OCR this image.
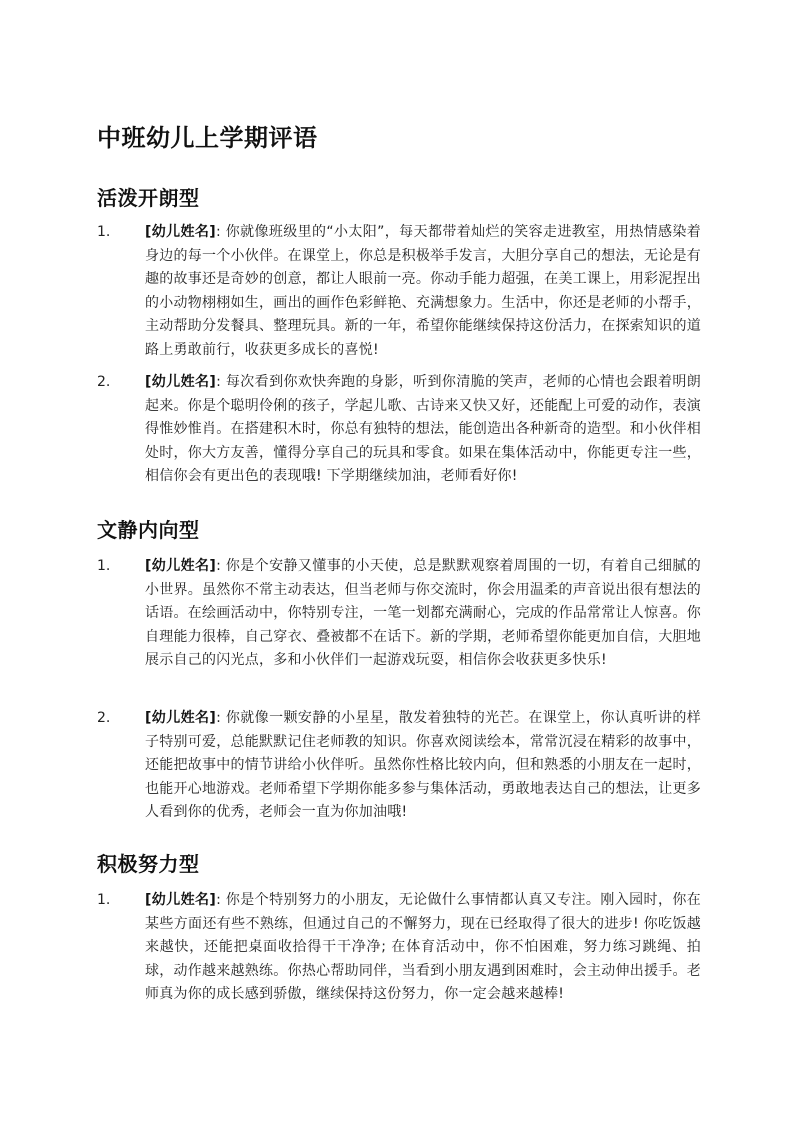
中班幼儿上学期评语
活泼开朗型
1. [幼儿姓名]: 你就像班级里的“小太阳”，每天都带着灿烂的笑容走进教室，用热情感染着身边的每一个小伙伴。在课堂上，你总是积极举手发言，大胆分享自己的想法，无论是有趣的故事还是奇妙的创意，都让人眼前一亮。你动手能力超强，在美工课上，用彩泥捏出的小动物栩栩如生，画出的画作色彩鲜艳、充满想象力。生活中，你还是老师的小帮手，主动帮助分发餐具、整理玩具。新的一年，希望你能继续保持这份活力，在探索知识的道路上勇敢前行，收获更多成长的喜悦!
2. [幼儿姓名]: 每次看到你欢快奔跑的身影，听到你清脆的笑声，老师的心情也会跟着明朗起来。你是个聪明伶俐的孩子，学起儿歌、古诗来又快又好，还能配上可爱的动作，表演得惟妙惟肖。在搭建积木时，你总有独特的想法，能创造出各种新奇的造型。和小伙伴相处时，你大方友善，懂得分享自己的玩具和零食。如果在集体活动中，你能更专注一些，相信你会有更出色的表现哦! 下学期继续加油，老师看好你!
文静内向型
1. [幼儿姓名]: 你是个安静又懂事的小天使，总是默默观察着周围的一切，有着自己细腻的小世界。虽然你不常主动表达，但当老师与你交流时，你会用温柔的声音说出很有想法的话语。在绘画活动中，你特别专注，一笔一划都充满耐心，完成的作品常常让人惊喜。你自理能力很棒，自己穿衣、叠被都不在话下。新的学期，老师希望你能更加自信，大胆地展示自己的闪光点，多和小伙伴们一起游戏玩耍，相信你会收获更多快乐!
2. [幼儿姓名]: 你就像一颗安静的小星星，散发着独特的光芒。在课堂上，你认真听讲的样子特别可爱，总能默默记住老师教的知识。你喜欢阅读绘本，常常沉浸在精彩的故事中，还能把故事中的情节讲给小伙伴听。虽然你性格比较内向，但和熟悉的小朋友在一起时，也能开心地游戏。老师希望下学期你能多参与集体活动，勇敢地表达自己的想法，让更多人看到你的优秀，老师会一直为你加油哦!
积极努力型
1. [幼儿姓名]: 你是个特别努力的小朋友，无论做什么事情都认真又专注。刚入园时，你在某些方面还有些不熟练，但通过自己的不懈努力，现在已经取得了很大的进步! 你吃饭越来越快，还能把桌面收拾得干干净净; 在体育活动中，你不怕困难，努力练习跳绳、拍球，动作越来越熟练。你热心帮助同伴，当看到小朋友遇到困难时，会主动伸出援手。老师真为你的成长感到骄傲，继续保持这份努力，你一定会越来越棒!
